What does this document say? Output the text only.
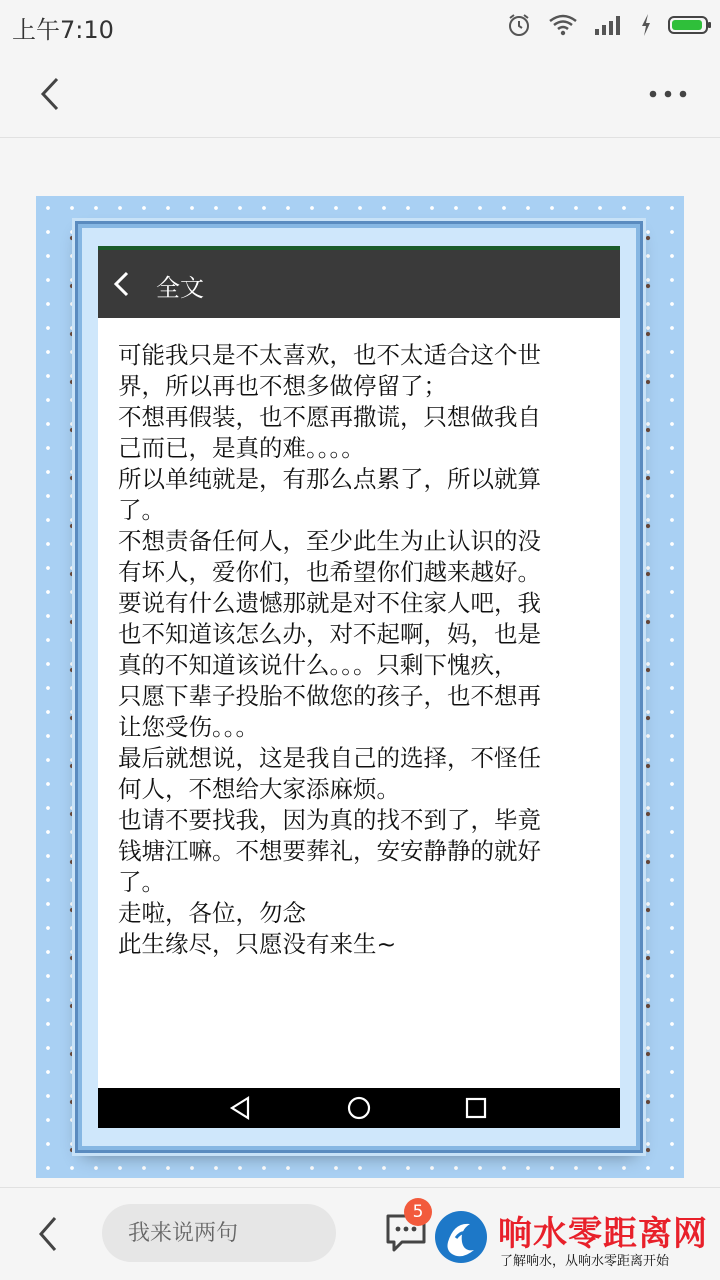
上午7:10
全文
可能我只是不太喜欢，也不太适合这个世
界，所以再也不想多做停留了；
不想再假装，也不愿再撒谎，只想做我自
己而已，是真的难。。。。
所以单纯就是，有那么点累了，所以就算
了。
不想责备任何人，至少此生为止认识的没
有坏人，爱你们，也希望你们越来越好。
要说有什么遗憾那就是对不住家人吧，我
也不知道该怎么办，对不起啊，妈，也是
真的不知道该说什么。。。只剩下愧疚，
只愿下辈子投胎不做您的孩子，也不想再
让您受伤。。。
最后就想说，这是我自己的选择，不怪任
何人，不想给大家添麻烦。
也请不要找我，因为真的找不到了，毕竟
钱塘江嘛。不想要葬礼，安安静静的就好
了。
走啦，各位，勿念
此生缘尽，只愿没有来生~
我来说两句
5
响水零距离网
了解响水，从响水零距离开始
